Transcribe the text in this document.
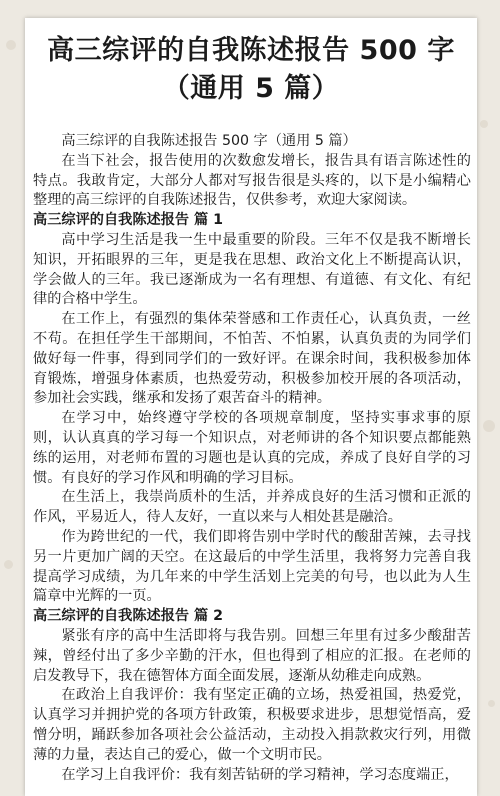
高三综评的自我陈述报告 500 字（通用 5 篇）

高三综评的自我陈述报告 500 字（通用 5 篇）

在当下社会，报告使用的次数愈发增长，报告具有语言陈述性的特点。我敢肯定，大部分人都对写报告很是头疼的，以下是小编精心整理的高三综评的自我陈述报告，仅供参考，欢迎大家阅读。

高三综评的自我陈述报告 篇 1

高中学习生活是我一生中最重要的阶段。三年不仅是我不断增长知识，开拓眼界的三年，更是我在思想、政治文化上不断提高认识，学会做人的三年。我已逐渐成为一名有理想、有道德、有文化、有纪律的合格中学生。

在工作上，有强烈的集体荣誉感和工作责任心，认真负责，一丝不苟。在担任学生干部期间，不怕苦、不怕累，认真负责的为同学们做好每一件事，得到同学们的一致好评。在课余时间，我积极参加体育锻炼，增强身体素质，也热爱劳动，积极参加校开展的各项活动，参加社会实践，继承和发扬了艰苦奋斗的精神。

在学习中，始终遵守学校的各项规章制度，坚持实事求事的原则，认认真真的学习每一个知识点，对老师讲的各个知识要点都能熟练的运用，对老师布置的习题也是认真的完成，养成了良好自学的习惯。有良好的学习作风和明确的学习目标。

在生活上，我崇尚质朴的生活，并养成良好的生活习惯和正派的作风，平易近人，待人友好，一直以来与人相处甚是融洽。

作为跨世纪的一代，我们即将告别中学时代的酸甜苦辣，去寻找另一片更加广阔的天空。在这最后的中学生活里，我将努力完善自我提高学习成绩，为几年来的中学生活划上完美的句号，也以此为人生篇章中光辉的一页。

高三综评的自我陈述报告 篇 2

紧张有序的高中生活即将与我告别。回想三年里有过多少酸甜苦辣，曾经付出了多少辛勤的汗水，但也得到了相应的汇报。在老师的启发教导下，我在德智体方面全面发展，逐渐从幼稚走向成熟。

在政治上自我评价：我有坚定正确的立场，热爱祖国，热爱党，认真学习并拥护党的各项方针政策，积极要求进步，思想觉悟高，爱憎分明，踊跃参加各项社会公益活动，主动投入捐款救灾行列，用微薄的力量，表达自己的爱心，做一个文明市民。

在学习上自我评价：我有刻苦钻研的学习精神，学习态度端正，
